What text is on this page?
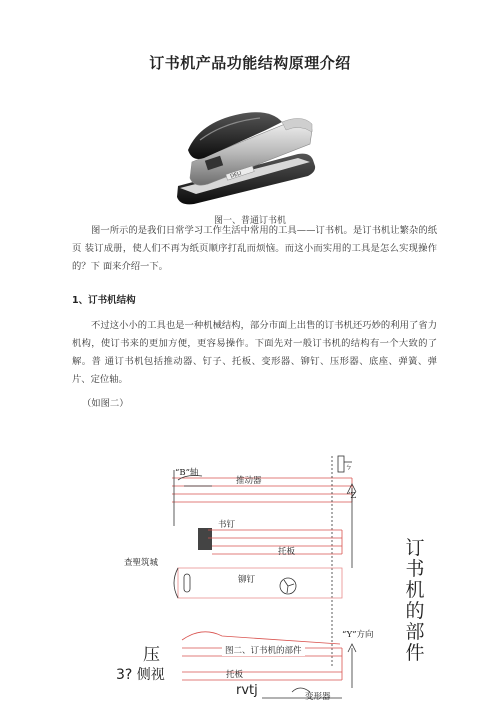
订书机产品功能结构原理介绍
DELI
图一、普通订书机

图一所示的是我们日常学习工作生活中常用的工具——订书机。是订书机让繁杂的纸页 装订成册，使人们不再为纸页顺序打乱而烦恼。而这小而实用的工具是怎么实现操作的？下 面来介绍一下。

1、订书机结构

不过这小小的工具也是一种机械结构，部分市面上出售的订书机还巧妙的利用了省力机构，使订书来的更加方便，更容易操作。下面先对一般订书机的结构有一个大致的了解。普 通订书机包括推动器、钉子、托板、变形器、铆钉、压形器、底座、弹簧、弹片、定位轴。

（如图二）
“B”轴
推动器
“Z
书钉
托板
查聖筑城
铆钉
“Y”方向
图二、订书机的部件
托板
变形器
ㄅ
压
3? 侧视
rvtj
订
书
机
的
部
件
